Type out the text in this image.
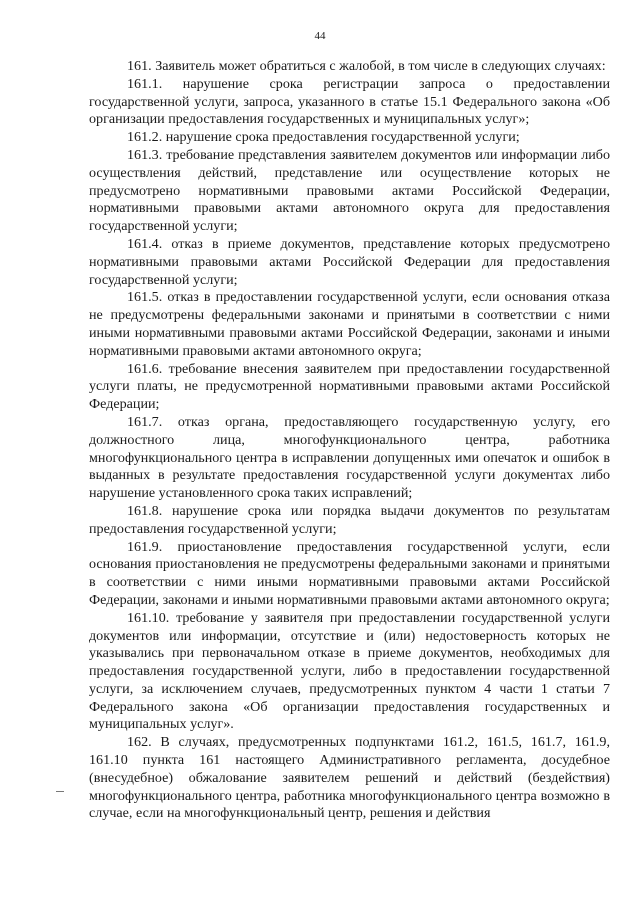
44

161. Заявитель может обратиться с жалобой, в том числе в следующих случаях:

161.1. нарушение срока регистрации запроса о предоставлении государственной услуги, запроса, указанного в статье 15.1 Федерального закона «Об организации предоставления государственных и муниципальных услуг»;

161.2. нарушение срока предоставления государственной услуги;

161.3. требование представления заявителем документов или информации либо осуществления действий, представление или осуществление которых не предусмотрено нормативными правовыми актами Российской Федерации, нормативными правовыми актами автономного округа для предоставления государственной услуги;

161.4. отказ в приеме документов, представление которых предусмотрено нормативными правовыми актами Российской Федерации для предоставления государственной услуги;

161.5. отказ в предоставлении государственной услуги, если основания отказа не предусмотрены федеральными законами и принятыми в соответствии с ними иными нормативными правовыми актами Российской Федерации, законами и иными нормативными правовыми актами автономного округа;

161.6. требование внесения заявителем при предоставлении государственной услуги платы, не предусмотренной нормативными правовыми актами Российской Федерации;

161.7. отказ органа, предоставляющего государственную услугу, его должностного лица, многофункционального центра, работника многофункционального центра в исправлении допущенных ими опечаток и ошибок в выданных в результате предоставления государственной услуги документах либо нарушение установленного срока таких исправлений;

161.8. нарушение срока или порядка выдачи документов по результатам предоставления государственной услуги;

161.9. приостановление предоставления государственной услуги, если основания приостановления не предусмотрены федеральными законами и принятыми в соответствии с ними иными нормативными правовыми актами Российской Федерации, законами и иными нормативными правовыми актами автономного округа;

161.10. требование у заявителя при предоставлении государственной услуги документов или информации, отсутствие и (или) недостоверность которых не указывались при первоначальном отказе в приеме документов, необходимых для предоставления государственной услуги, либо в предоставлении государственной услуги, за исключением случаев, предусмотренных пунктом 4 части 1 статьи 7 Федерального закона «Об организации предоставления государственных и муниципальных услуг».

162. В случаях, предусмотренных подпунктами 161.2, 161.5, 161.7, 161.9, 161.10 пункта 161 настоящего Административного регламента, досудебное (внесудебное) обжалование заявителем решений и действий (бездействия) многофункционального центра, работника многофункционального центра возможно в случае, если на многофункциональный центр, решения и действия
